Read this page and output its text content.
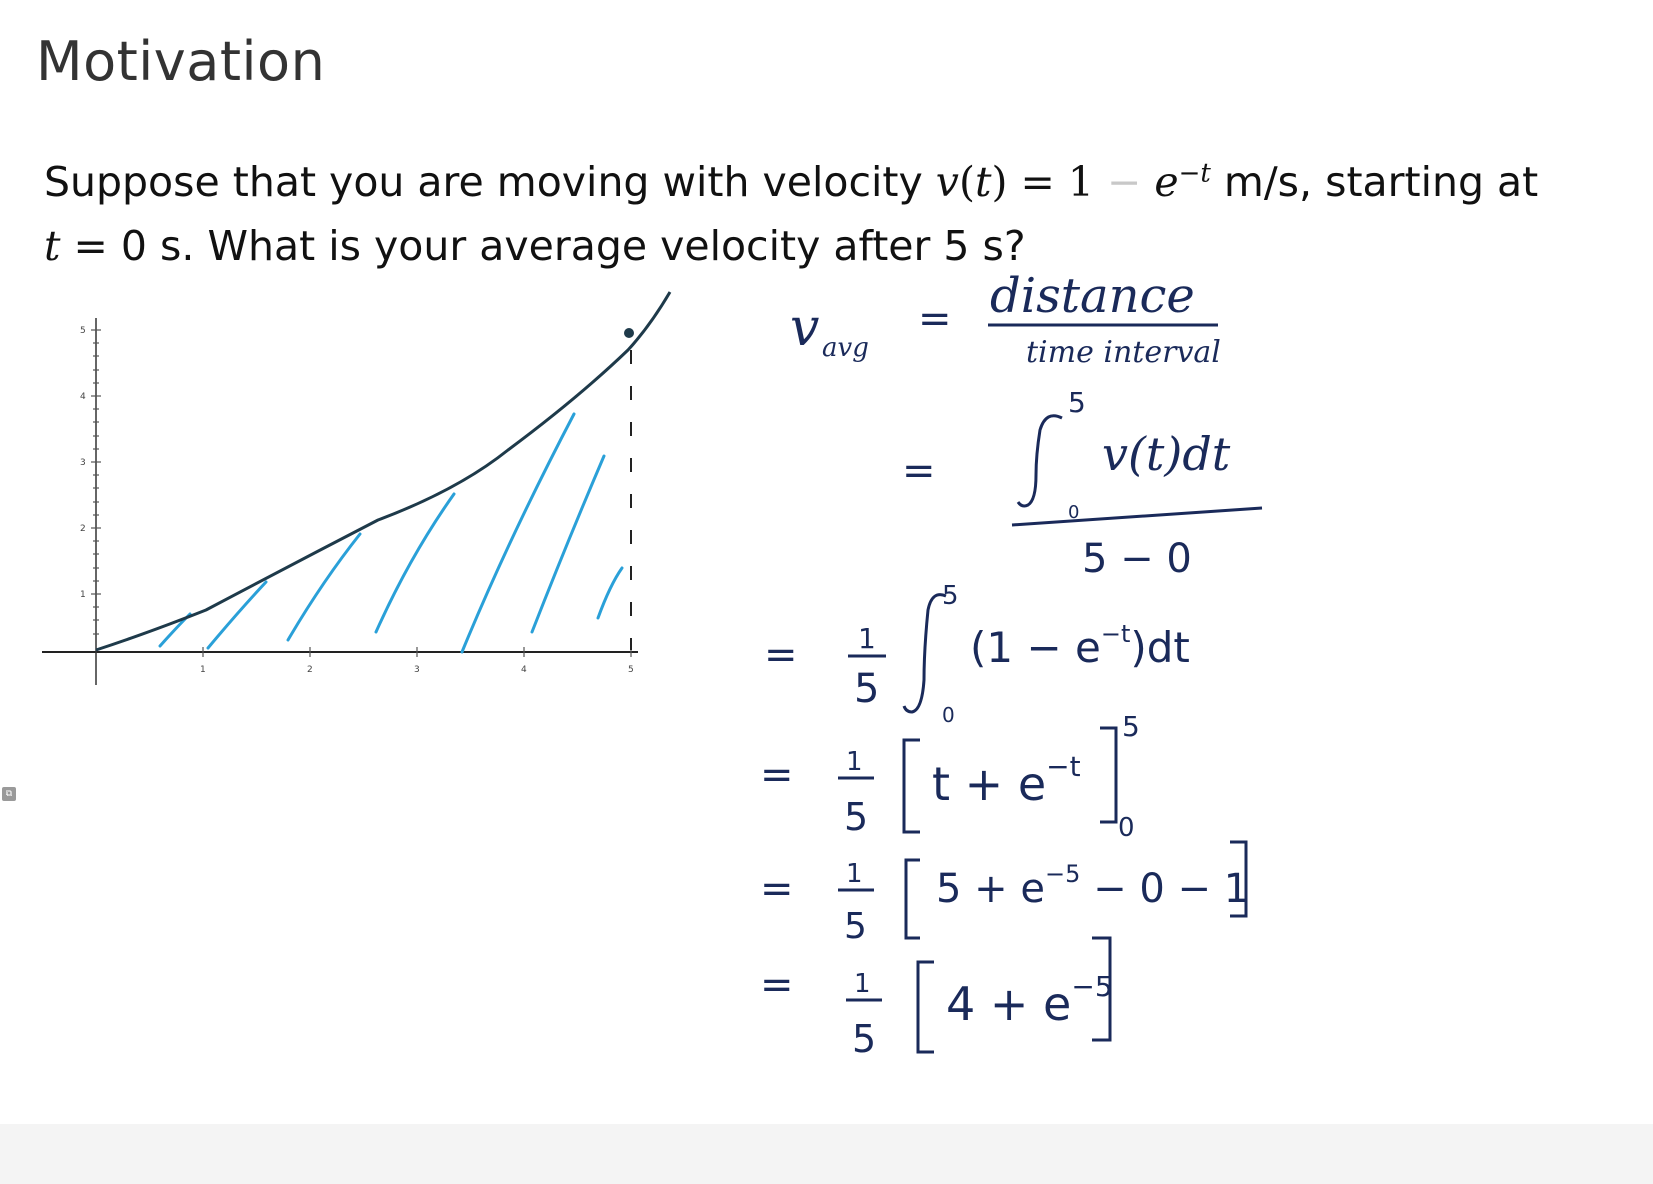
Motivation
Suppose that you are moving with velocity $v(t) = 1 - e^{-t}$ m/s, starting at
t = 0 s. What is your average velocity after 5 s?
1
2
3
4
5
1	2	3	4	5
v avg
= distance
time interval
=
5
0
v(t)dt
5 − 0
= 1
5
5
0
$(1 - e^{-t})dt$
= 1
5
$t + e^{-t}$
5
0
= 1
5
$5 + e^{-5} - 0 - 1$
= 1
5
$4 + e^{-5}$
⧉
